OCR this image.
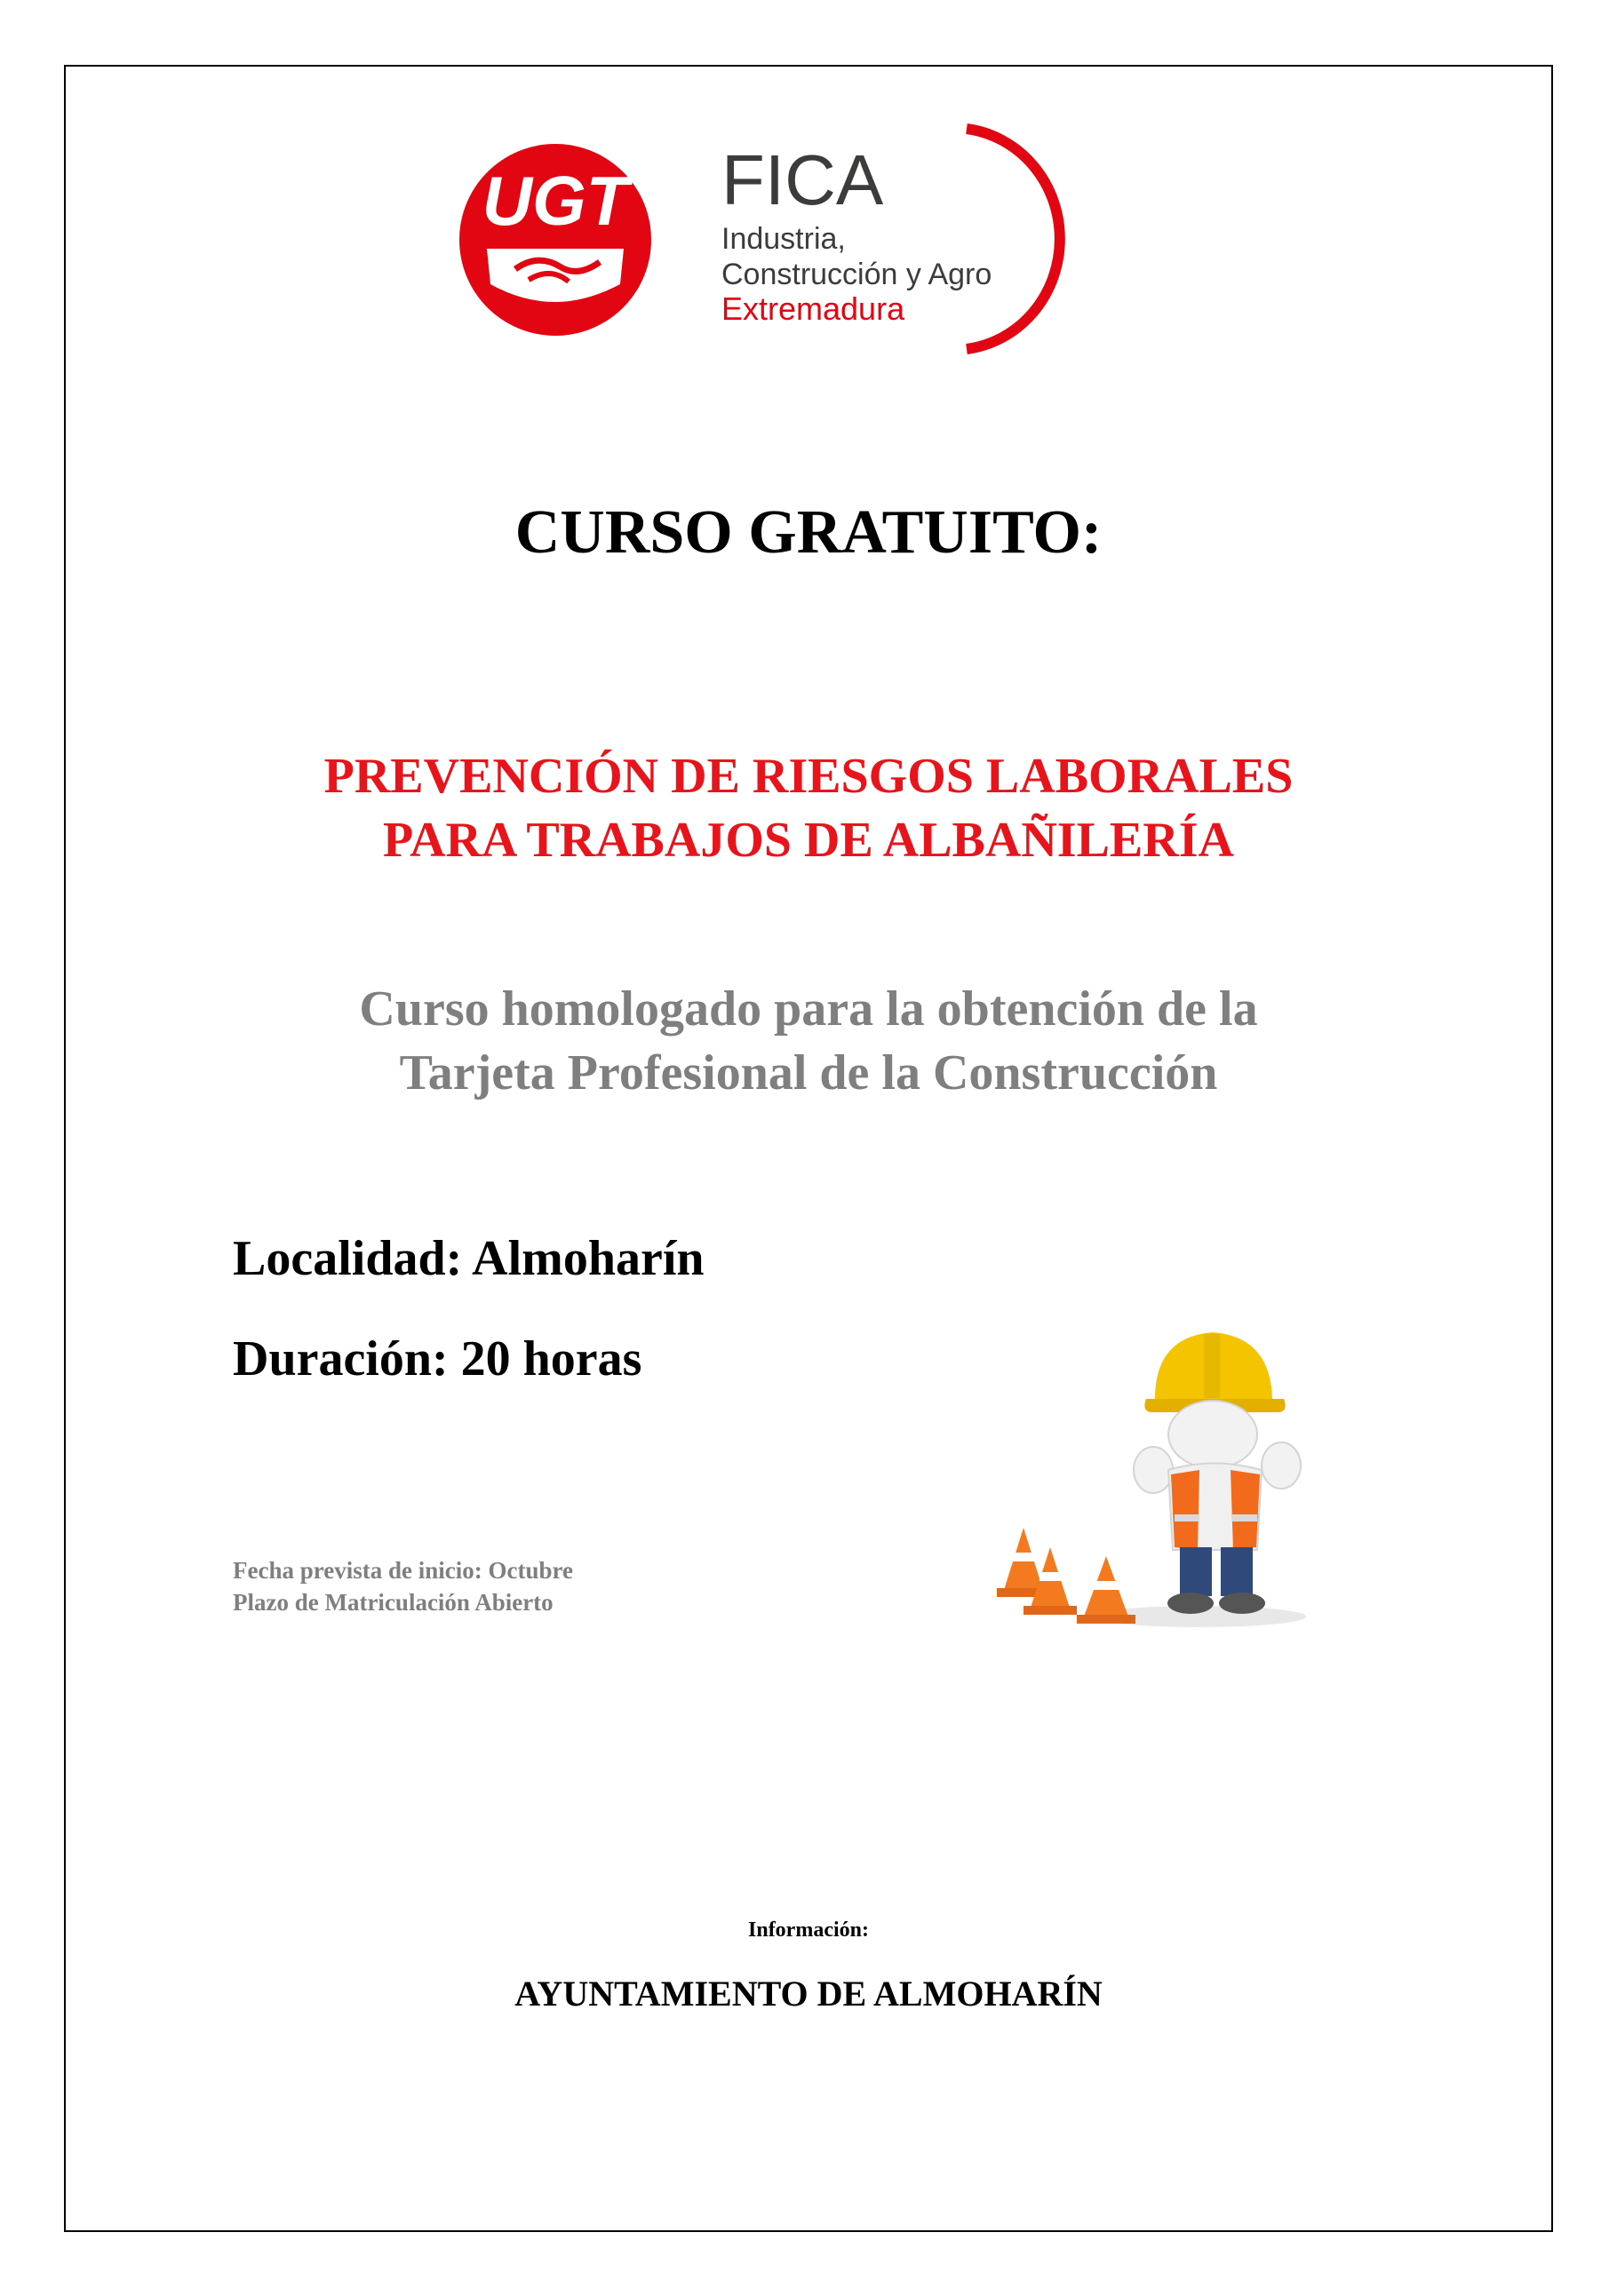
UGT FICA
Industria,
Construcción y Agro
Extremadura
CURSO GRATUITO:
PREVENCIÓN DE RIESGOS LABORALES
PARA TRABAJOS DE ALBAÑILERÍA
Curso homologado para la obtención de la
Tarjeta Profesional de la Construcción

Localidad: Almoharín

Duración: 20 horas

Fecha prevista de inicio: Octubre

Plazo de Matriculación Abierto

Información:
AYUNTAMIENTO DE ALMOHARÍN
